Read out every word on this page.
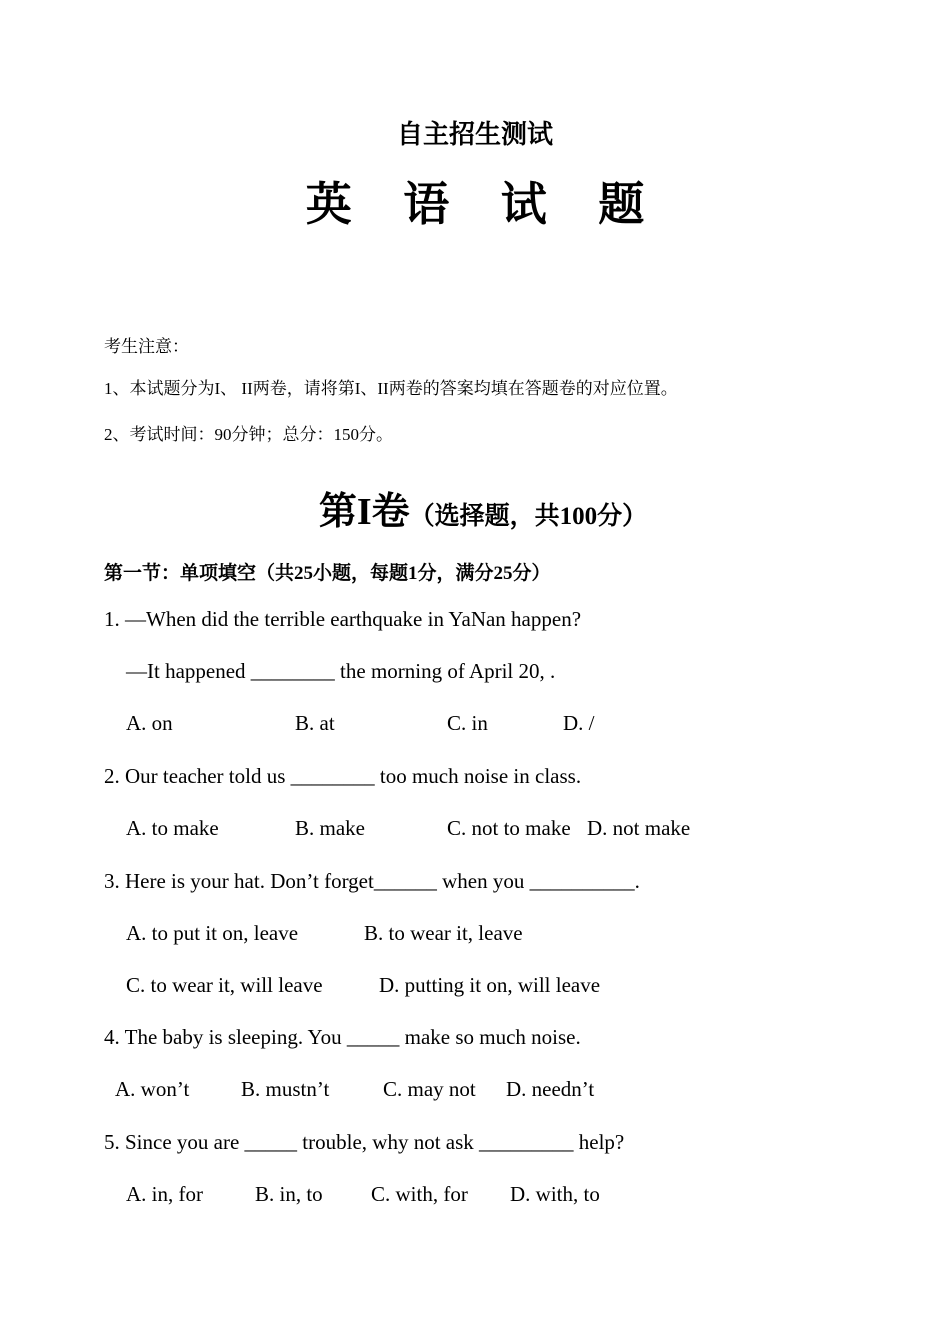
自主招生测试
英 语 试 题
考生注意：
1、本试题分为I、 II两卷，请将第I、II两卷的答案均填在答题卷的对应位置。
2、考试时间：90分钟；总分：150分。

第I卷（选择题，共100分）

第一节：单项填空（共25小题，每题1分，满分25分）
1. —When did the terrible earthquake in YaNan happen?
—It happened ________ the morning of April 20, .
A. on	B. at	C. in	D. /
2. Our teacher told us ________ too much noise in class.
A. to make	B. make	C. not to make D. not make
3. Here is your hat. Don’t forget______ when you __________.
A. to put it on, leave	B. to wear it, leave
C. to wear it, will leave	D. putting it on, will leave
4. The baby is sleeping. You _____ make so much noise.
A. won’t B. mustn’t	C. may not D. needn’t
5. Since you are _____ trouble, why not ask _________ help?
A. in, for B. in, to C. with, for D. with, to
